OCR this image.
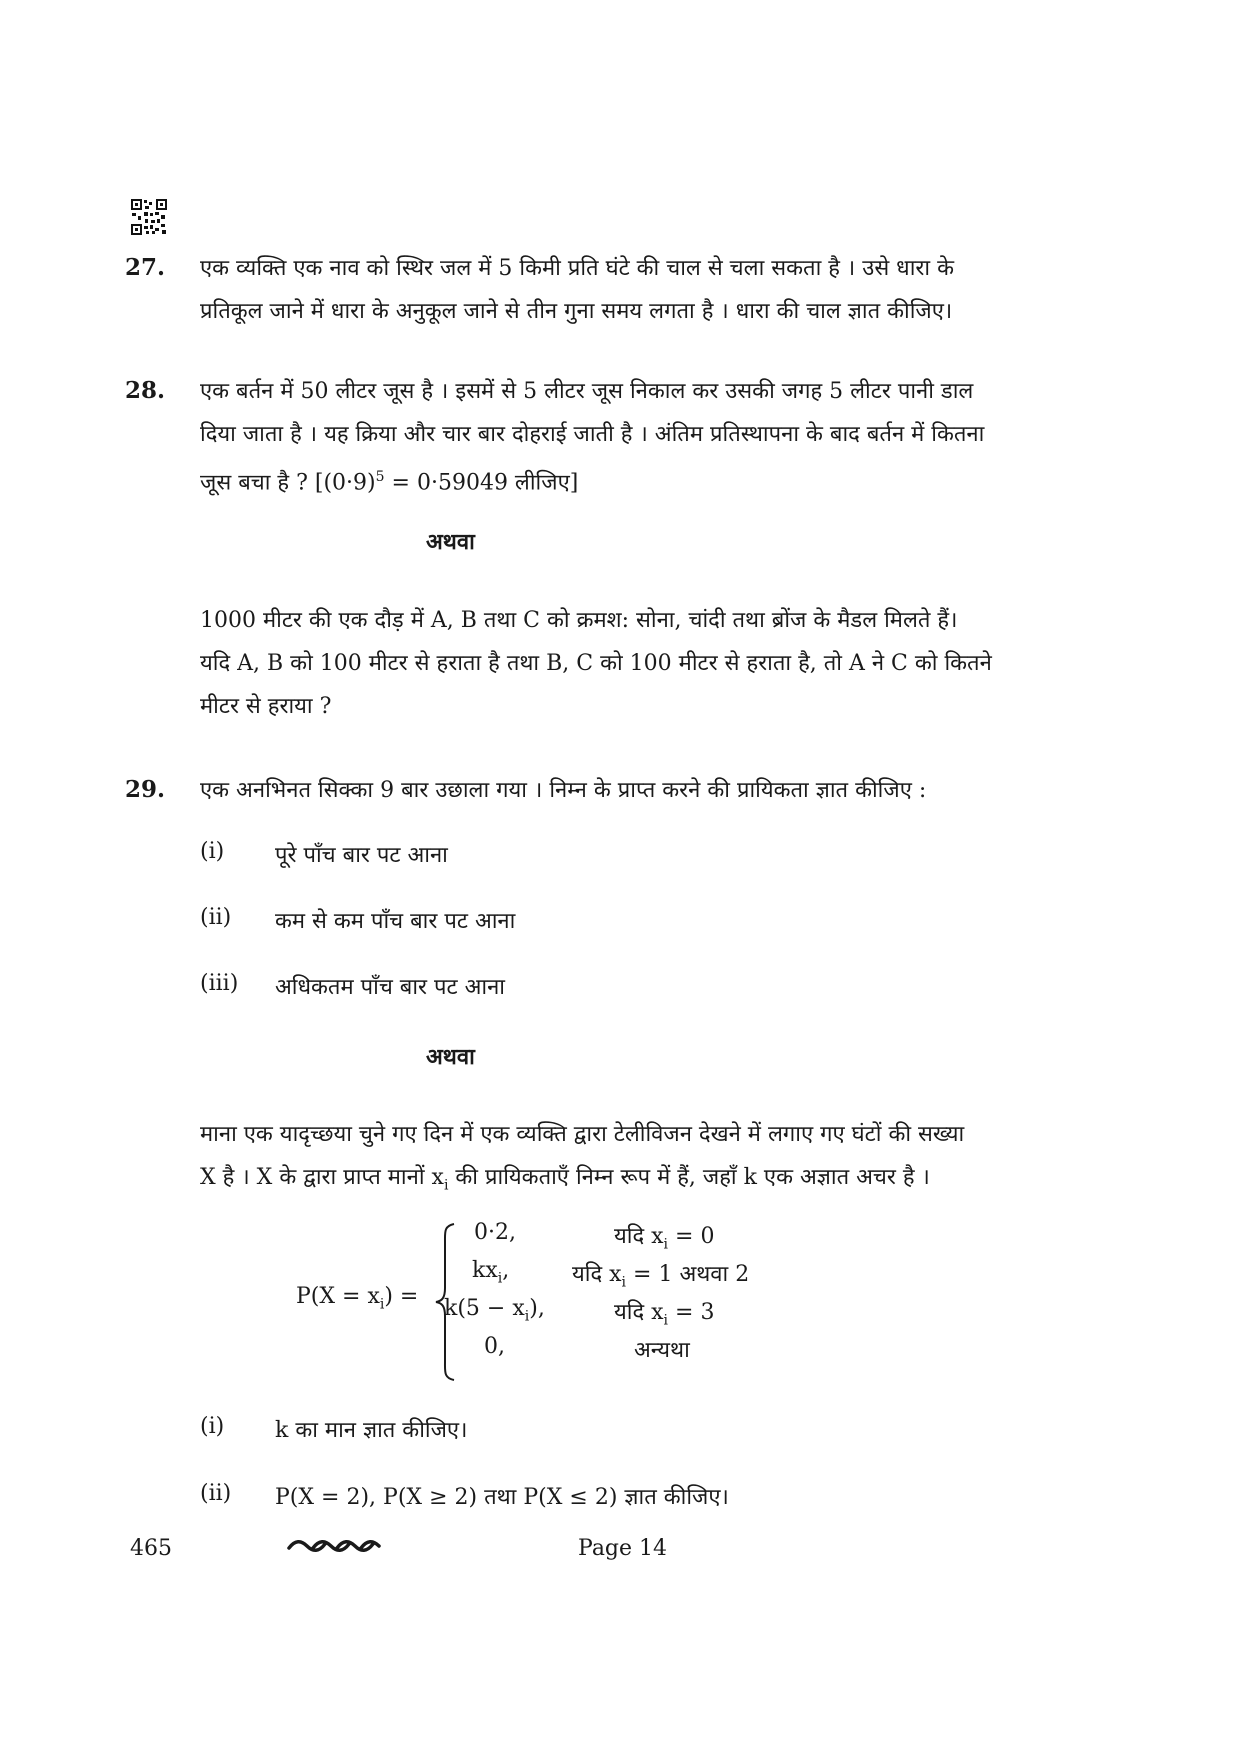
27. एक व्यक्ति एक नाव को स्थिर जल में 5 किमी प्रति घंटे की चाल से चला सकता है । उसे धारा के
प्रतिकूल जाने में धारा के अनुकूल जाने से तीन गुना समय लगता है । धारा की चाल ज्ञात कीजिए।
28. एक बर्तन में 50 लीटर जूस है । इसमें से 5 लीटर जूस निकाल कर उसकी जगह 5 लीटर पानी डाल
दिया जाता है । यह क्रिया और चार बार दोहराई जाती है । अंतिम प्रतिस्थापना के बाद बर्तन में कितना
जूस बचा है ? [$(0\cdot 9)^5 = 0\cdot 59049$ लीजिए]
अथवा
1000 मीटर की एक दौड़ में A, B तथा C को क्रमश: सोना, चांदी तथा ब्रोंज के मैडल मिलते हैं।
यदि A, B को 100 मीटर से हराता है तथा B, C को 100 मीटर से हराता है, तो A ने C को कितने
मीटर से हराया ?
29. एक अनभिनत सिक्का 9 बार उछाला गया । निम्न के प्राप्त करने की प्रायिकता ज्ञात कीजिए :
(i) पूरे पाँच बार पट आना
(ii) कम से कम पाँच बार पट आना
(iii) अधिकतम पाँच बार पट आना
अथवा
माना एक यादृच्छया चुने गए दिन में एक व्यक्ति द्वारा टेलीविजन देखने में लगाए गए घंटों की सख्या
X है । X के द्वारा प्राप्त मानों $x_i$ की प्रायिकताएँ निम्न रूप में हैं, जहाँ k एक अज्ञात अचर है ।
$P(X = x_i)$ =
0·2,	यदि $x_i = 0$
$kx_i$,	यदि $x_i = 1$ अथवा 2
$k(5 - x_i)$,	यदि $x_i = 3$
0,	अन्यथा
(i) k का मान ज्ञात कीजिए।
(ii) P(X = 2), P(X ≥ 2) तथा P(X ≤ 2) ज्ञात कीजिए।
465	Page 14
